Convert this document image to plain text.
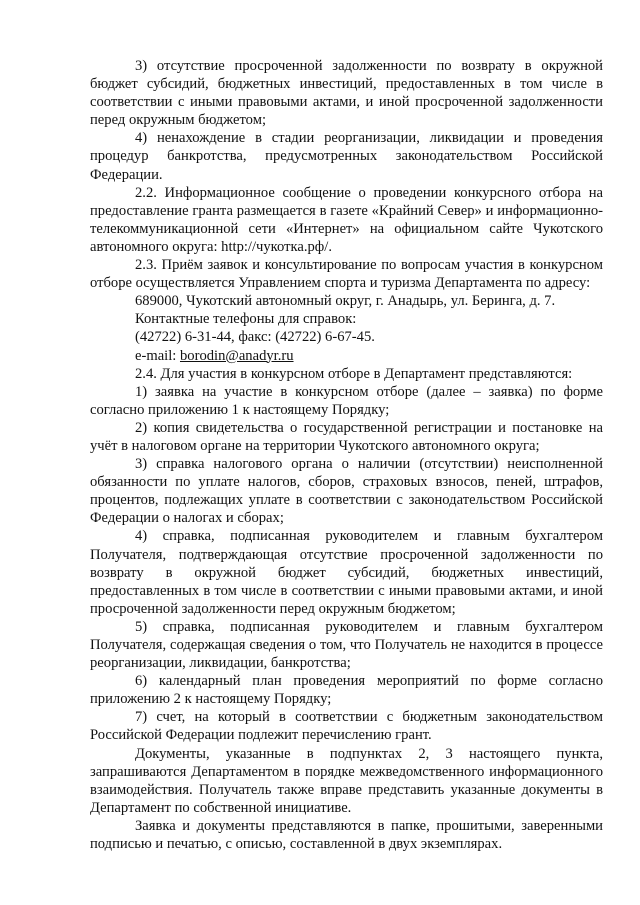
3) отсутствие просроченной задолженности по возврату в окружной бюджет субсидий, бюджетных инвестиций, предоставленных в том числе в соответствии с иными правовыми актами, и иной просроченной задолженности перед окружным бюджетом;

4) ненахождение в стадии реорганизации, ликвидации и проведения процедур банкротства, предусмотренных законодательством Российской Федерации.

2.2. Информационное сообщение о проведении конкурсного отбора на предоставление гранта размещается в газете «Крайний Север» и информационно-телекоммуникационной сети «Интернет» на официальном сайте Чукотского автономного округа: http://чукотка.рф/.

2.3. Приём заявок и консультирование по вопросам участия в конкурсном отборе осуществляется Управлением спорта и туризма Департамента по адресу:

689000, Чукотский автономный округ, г. Анадырь, ул. Беринга, д. 7.

Контактные телефоны для справок:

(42722) 6-31-44, факс: (42722) 6-67-45.

e-mail: borodin@anadyr.ru

2.4. Для участия в конкурсном отборе в Департамент представляются:

1) заявка на участие в конкурсном отборе (далее – заявка) по форме согласно приложению 1 к настоящему Порядку;

2) копия свидетельства о государственной регистрации и постановке на учёт в налоговом органе на территории Чукотского автономного округа;

3) справка налогового органа о наличии (отсутствии) неисполненной обязанности по уплате налогов, сборов, страховых взносов, пеней, штрафов, процентов, подлежащих уплате в соответствии с законодательством Российской Федерации о налогах и сборах;

4) справка, подписанная руководителем и главным бухгалтером Получателя, подтверждающая отсутствие просроченной задолженности по возврату в окружной бюджет субсидий, бюджетных инвестиций, предоставленных в том числе в соответствии с иными правовыми актами, и иной просроченной задолженности перед окружным бюджетом;

5) справка, подписанная руководителем и главным бухгалтером Получателя, содержащая сведения о том, что Получатель не находится в процессе реорганизации, ликвидации, банкротства;

6) календарный план проведения мероприятий по форме согласно приложению 2 к настоящему Порядку;

7) счет, на который в соответствии с бюджетным законодательством Российской Федерации подлежит перечислению грант.

Документы, указанные в подпунктах 2, 3 настоящего пункта, запрашиваются Департаментом в порядке межведомственного информационного взаимодействия. Получатель также вправе представить указанные документы в Департамент по собственной инициативе.

Заявка и документы представляются в папке, прошитыми, заверенными подписью и печатью, с описью, составленной в двух экземплярах.
